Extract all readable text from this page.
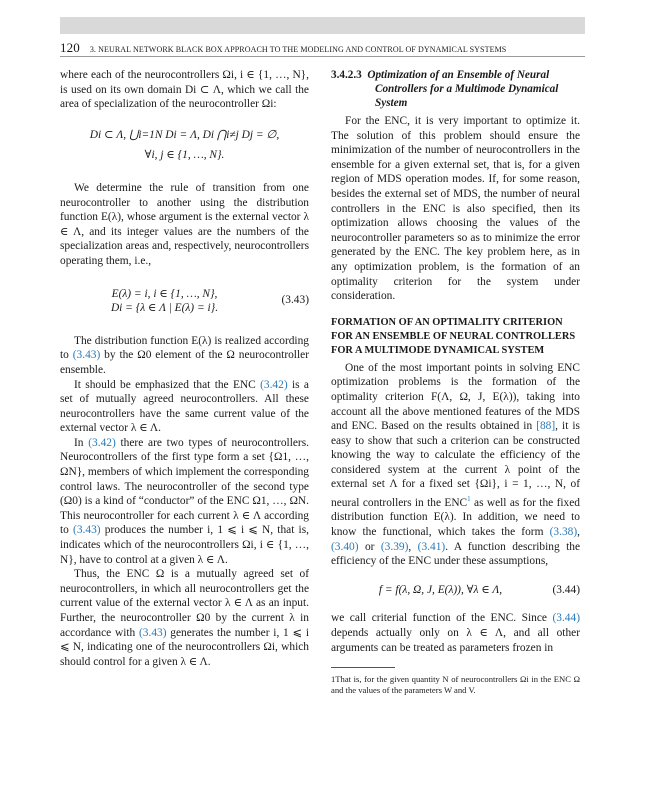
120 3. NEURAL NETWORK BLACK BOX APPROACH TO THE MODELING AND CONTROL OF DYNAMICAL SYSTEMS

where each of the neurocontrollers Ωi, i ∈ {1, …, N}, is used on its own domain Di ⊂ Λ, which we call the area of specialization of the neurocontroller Ωi:

Di ⊂ Λ, ⋃i=1N Di = Λ, Di ⋂i≠j Dj = ∅,
∀i, j ∈ {1, …, N}.

We determine the rule of transition from one neurocontroller to another using the distribution function E(λ), whose argument is the external vector λ ∈ Λ, and its integer values are the numbers of the specialization areas and, respectively, neurocontrollers operating them, i.e.,

E(λ) = i, i ∈ {1, …, N},
Di = {λ ∈ Λ | E(λ) = i}.
(3.43)

The distribution function E(λ) is realized according to (3.43) by the Ω0 element of the Ω neurocontroller ensemble.

It should be emphasized that the ENC (3.42) is a set of mutually agreed neurocontrollers. All these neurocontrollers have the same current value of the external vector λ ∈ Λ.

In (3.42) there are two types of neurocontrollers. Neurocontrollers of the first type form a set {Ω1, …, ΩN}, members of which implement the corresponding control laws. The neurocontroller of the second type (Ω0) is a kind of “conductor” of the ENC Ω1, …, ΩN. This neurocontroller for each current λ ∈ Λ according to (3.43) produces the number i, 1 ⩽ i ⩽ N, that is, indicates which of the neurocontrollers Ωi, i ∈ {1, …, N}, have to control at a given λ ∈ Λ.

Thus, the ENC Ω is a mutually agreed set of neurocontrollers, in which all neurocontrollers get the current value of the external vector λ ∈ Λ as an input. Further, the neurocontroller Ω0 by the current λ in accordance with (3.43) generates the number i, 1 ⩽ i ⩽ N, indicating one of the neurocontrollers Ωi, which should control for a given λ ∈ Λ.

3.4.2.3 Optimization of an Ensemble of Neural Controllers for a Multimode Dynamical System

For the ENC, it is very important to optimize it. The solution of this problem should ensure the minimization of the number of neurocontrollers in the ensemble for a given external set, that is, for a given region of MDS operation modes. If, for some reason, besides the external set of MDS, the number of neural controllers in the ENC is also specified, then its optimization allows choosing the values of the neurocontroller parameters so as to minimize the error generated by the ENC. The key problem here, as in any optimization problem, is the formation of an optimality criterion for the system under consideration.

FORMATION OF AN OPTIMALITY CRITERION FOR AN ENSEMBLE OF NEURAL CONTROLLERS FOR A MULTIMODE DYNAMICAL SYSTEM

One of the most important points in solving ENC optimization problems is the formation of the optimality criterion F(Λ, Ω, J, E(λ)), taking into account all the above mentioned features of the MDS and ENC. Based on the results obtained in [88], it is easy to show that such a criterion can be constructed knowing the way to calculate the efficiency of the considered system at the current λ point of the external set Λ for a fixed set {Ωi}, i = 1, …, N, of neural controllers in the ENC$^1$ as well as for the fixed distribution function E(λ). In addition, we need to know the functional, which takes the form (3.38), (3.40) or (3.39), (3.41). A function describing the efficiency of the ENC under these assumptions,

f = f(λ, Ω, J, E(λ)), ∀λ ∈ Λ,	(3.44)

we call criterial function of the ENC. Since (3.44) depends actually only on λ ∈ Λ, and all other arguments can be treated as parameters frozen in

1That is, for the given quantity N of neurocontrollers Ωi in the ENC Ω and the values of the parameters W and V.
